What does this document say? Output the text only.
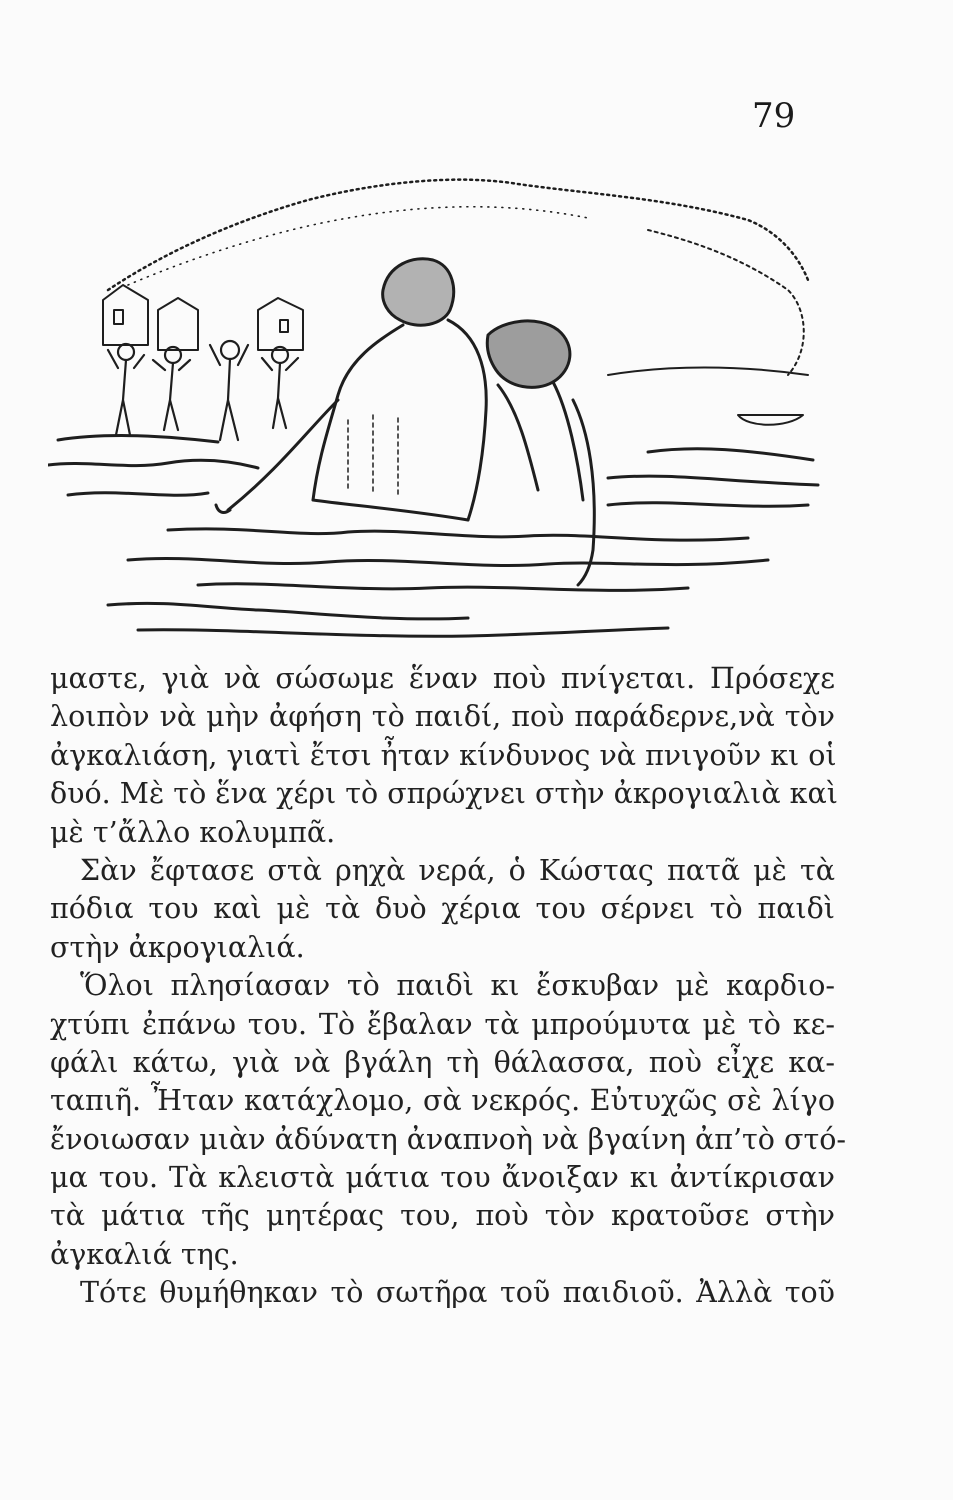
79
μαστε, γιὰ νὰ σώσωμε ἕναν ποὺ πνίγεται. Πρόσεχε
λοιπὸν νὰ μὴν ἀφήση τὸ παιδί, ποὺ παράδερνε,νὰ τὸν
ἀγκαλιάση, γιατὶ ἔτσι ἦταν κίνδυνος νὰ πνιγοῦν κι οἱ
δυό. Μὲ τὸ ἕνα χέρι τὸ σπρώχνει στὴν ἀκρογιαλιὰ καὶ
μὲ τ’ἄλλο κολυμπᾶ.
Σὰν ἔφτασε στὰ ρηχὰ νερά, ὁ Κώστας πατᾶ μὲ τὰ
πόδια του καὶ μὲ τὰ δυὸ χέρια του σέρνει τὸ παιδὶ
στὴν ἀκρογιαλιά.
Ὅλοι πλησίασαν τὸ παιδὶ κι ἔσκυβαν μὲ καρδιο-
χτύπι ἐπάνω του. Τὸ ἔβαλαν τὰ μπρούμυτα μὲ τὸ κε-
φάλι κάτω, γιὰ νὰ βγάλη τὴ θάλασσα, ποὺ εἶχε κα-
ταπιῆ. Ἦταν κατάχλομο, σὰ νεκρός. Εὐτυχῶς σὲ λίγο
ἔνοιωσαν μιὰν ἀδύνατη ἀναπνοὴ νὰ βγαίνη ἀπ’τὸ στό-
μα του. Τὰ κλειστὰ μάτια του ἄνοιξαν κι ἀντίκρισαν
τὰ μάτια τῆς μητέρας του, ποὺ τὸν κρατοῦσε στὴν
ἀγκαλιά της.
Τότε θυμήθηκαν τὸ σωτῆρα τοῦ παιδιοῦ. Ἀλλὰ τοῦ
